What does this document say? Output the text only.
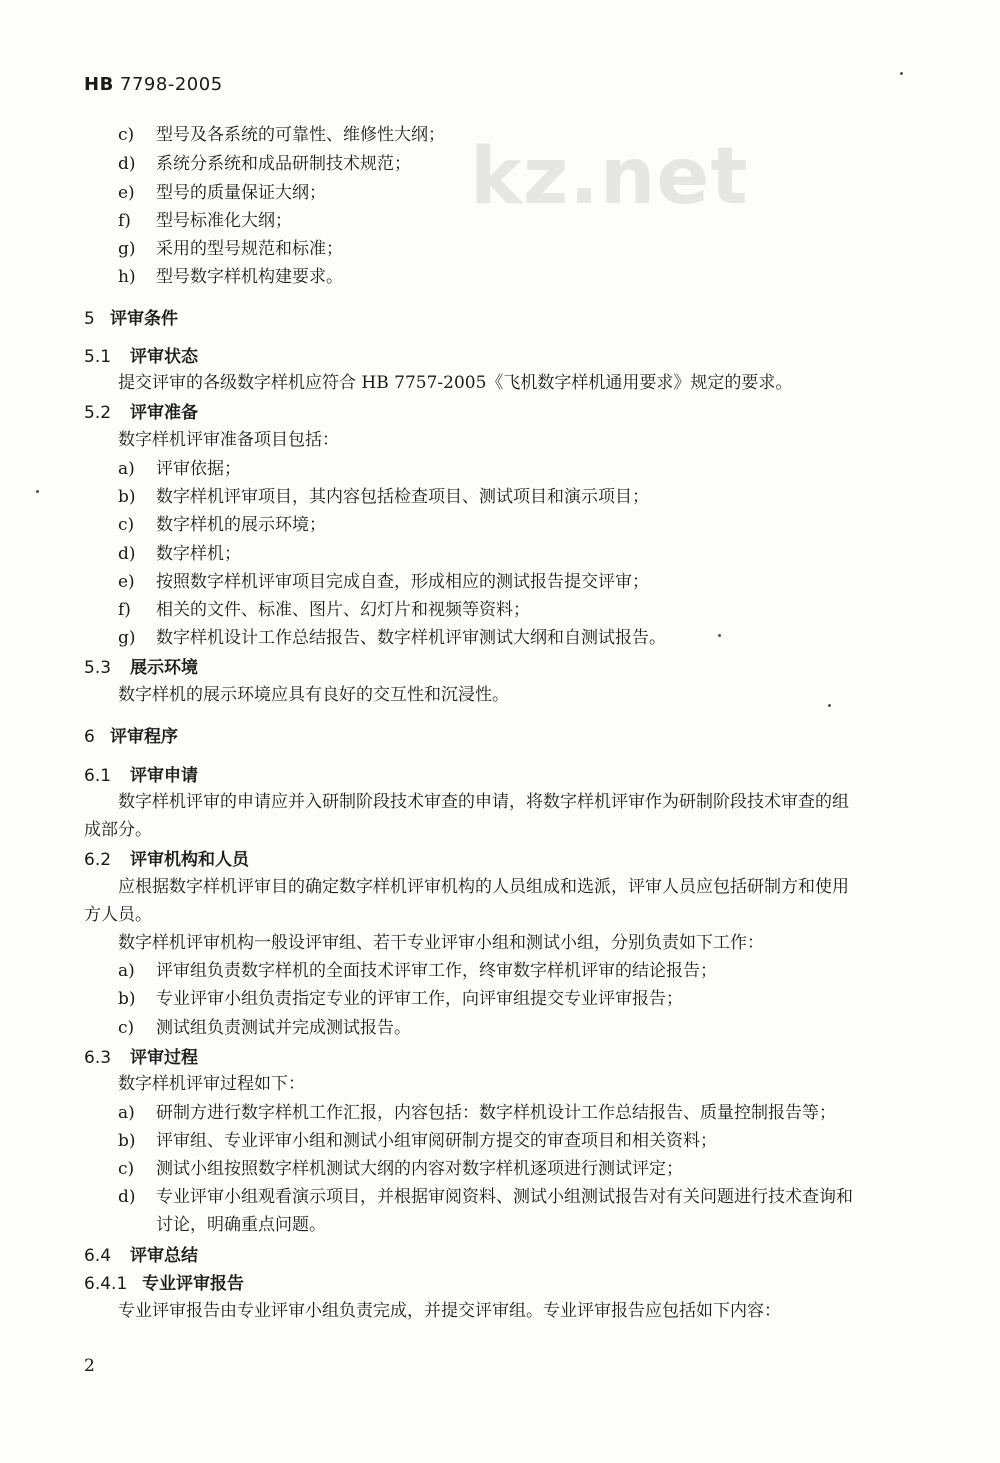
HB 7798-2005
kz.net
c) 型号及各系统的可靠性、维修性大纲；
d) 系统分系统和成品研制技术规范；
e) 型号的质量保证大纲；
f) 型号标准化大纲；
g) 采用的型号规范和标准；
h) 型号数字样机构建要求。
5 评审条件
5.1 评审状态
提交评审的各级数字样机应符合 HB 7757-2005《飞机数字样机通用要求》规定的要求。
5.2 评审准备
数字样机评审准备项目包括：
a) 评审依据；
b) 数字样机评审项目，其内容包括检查项目、测试项目和演示项目；
c) 数字样机的展示环境；
d) 数字样机；
e) 按照数字样机评审项目完成自查，形成相应的测试报告提交评审；
f) 相关的文件、标准、图片、幻灯片和视频等资料；
g) 数字样机设计工作总结报告、数字样机评审测试大纲和自测试报告。
5.3 展示环境
数字样机的展示环境应具有良好的交互性和沉浸性。
6 评审程序
6.1 评审申请
数字样机评审的申请应并入研制阶段技术审查的申请，将数字样机评审作为研制阶段技术审查的组
成部分。
6.2 评审机构和人员
应根据数字样机评审目的确定数字样机评审机构的人员组成和选派，评审人员应包括研制方和使用
方人员。
数字样机评审机构一般设评审组、若干专业评审小组和测试小组，分别负责如下工作：
a) 评审组负责数字样机的全面技术评审工作，终审数字样机评审的结论报告；
b) 专业评审小组负责指定专业的评审工作，向评审组提交专业评审报告；
c) 测试组负责测试并完成测试报告。
6.3 评审过程
数字样机评审过程如下：
a) 研制方进行数字样机工作汇报，内容包括：数字样机设计工作总结报告、质量控制报告等；
b) 评审组、专业评审小组和测试小组审阅研制方提交的审查项目和相关资料；
c) 测试小组按照数字样机测试大纲的内容对数字样机逐项进行测试评定；
d) 专业评审小组观看演示项目，并根据审阅资料、测试小组测试报告对有关问题进行技术查询和
讨论，明确重点问题。
6.4 评审总结
6.4.1 专业评审报告
专业评审报告由专业评审小组负责完成，并提交评审组。专业评审报告应包括如下内容：
2
